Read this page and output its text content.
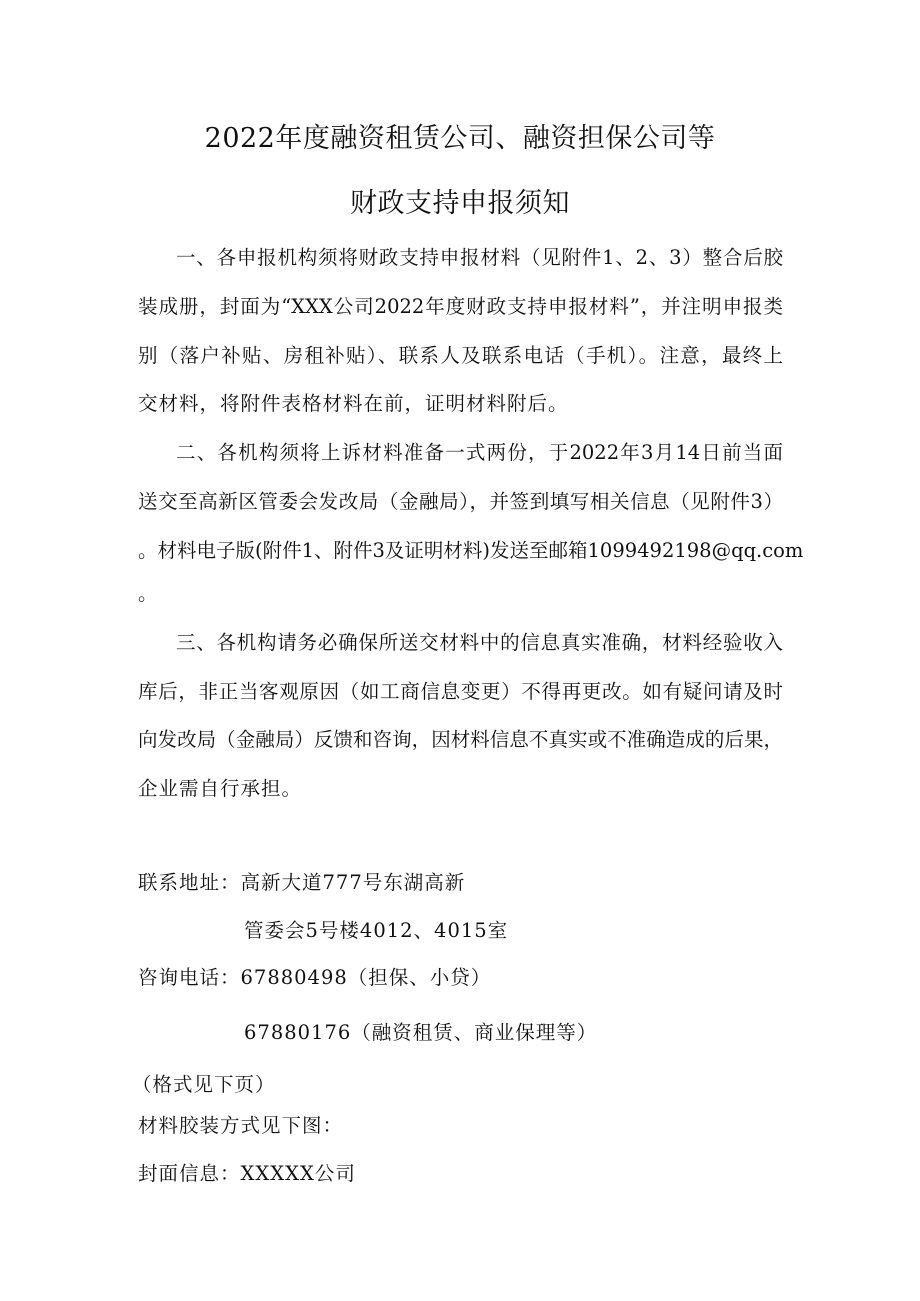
2022年度融资租赁公司、融资担保公司等
财政支持申报须知
一、各申报机构须将财政支持申报材料（见附件1、2、3）整合后胶
装成册，封面为“XXX公司2022年度财政支持申报材料”，并注明申报类
别（落户补贴、房租补贴）、联系人及联系电话（手机）。注意，最终上
交材料，将附件表格材料在前，证明材料附后。
二、各机构须将上诉材料准备一式两份，于2022年3月14日前当面
送交至高新区管委会发改局（金融局），并签到填写相关信息（见附件3）
。材料电子版(附件1、附件3及证明材料)发送至邮箱1099492198@qq.com
。
三、各机构请务必确保所送交材料中的信息真实准确，材料经验收入
库后，非正当客观原因（如工商信息变更）不得再更改。如有疑问请及时
向发改局（金融局）反馈和咨询，因材料信息不真实或不准确造成的后果，
企业需自行承担。
联系地址：高新大道777号东湖高新
管委会5号楼4012、4015室
咨询电话：67880498（担保、小贷）
67880176（融资租赁、商业保理等）
（格式见下页）
材料胶装方式见下图：
封面信息：XXXXX公司
